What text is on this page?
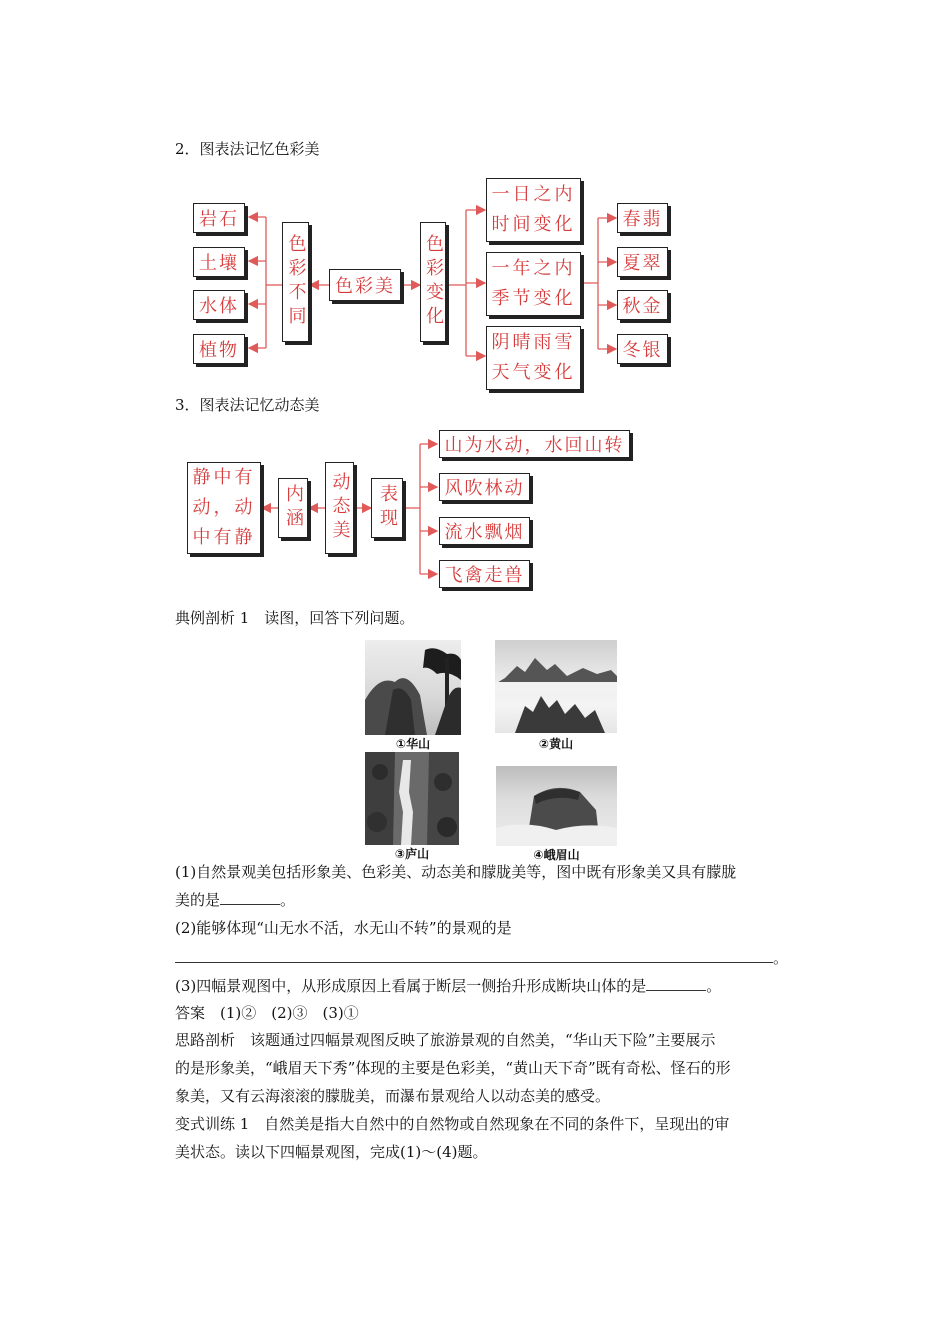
2．图表法记忆色彩美
岩石
土壤
水体
植物
色彩不同	色彩美	色彩变化
一日之内
时间变化
一年之内
季节变化
阴晴雨雪
天气变化
春翡
夏翠
秋金
冬银
3．图表法记忆动态美
静中有
动，动
中有静
内涵 动态美 表现
山为水动，水回山转
风吹林动
流水飘烟
飞禽走兽
典例剖析 1　读图，回答下列问题。
①华山	②黄山
③庐山	④峨眉山
(1)自然景观美包括形象美、色彩美、动态美和朦胧美等，图中既有形象美又具有朦胧
美的是	。
(2)能够体现“山无水不活，水无山不转”的景观的是
。
(3)四幅景观图中，从形成原因上看属于断层一侧抬升形成断块山体的是	。
答案　(1)②　(2)③　(3)①
思路剖析　该题通过四幅景观图反映了旅游景观的自然美，“华山天下险”主要展示
的是形象美，“峨眉天下秀”体现的主要是色彩美，“黄山天下奇”既有奇松、怪石的形
象美，又有云海滚滚的朦胧美，而瀑布景观给人以动态美的感受。
变式训练 1　自然美是指大自然中的自然物或自然现象在不同的条件下，呈现出的审
美状态。读以下四幅景观图，完成(1)～(4)题。
